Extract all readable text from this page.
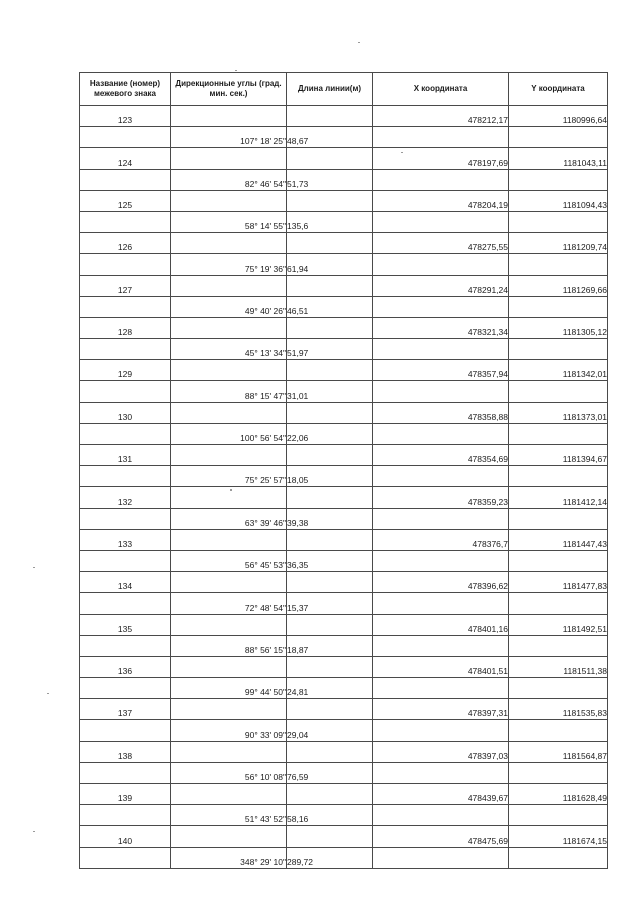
Название (номер) межевого знака	Дирекционные углы (град. мин. сек.)	Длина линии(м)	X координата	Y координата
123			478212,17	1180996,64
	107° 18' 25"	48,67		
124			478197,69	1181043,11
	82° 46' 54"	51,73		
125			478204,19	1181094,43
	58° 14' 55"	135,6		
126			478275,55	1181209,74
	75° 19' 36"	61,94		
127			478291,24	1181269,66
	49° 40' 26"	46,51		
128			478321,34	1181305,12
	45° 13' 34"	51,97		
129			478357,94	1181342,01
	88° 15' 47"	31,01		
130			478358,88	1181373,01
	100° 56' 54"	22,06		
131			478354,69	1181394,67
	75° 25' 57"	18,05		
132			478359,23	1181412,14
	63° 39' 46"	39,38		
133			478376,7	1181447,43
	56° 45' 53"	36,35		
134			478396,62	1181477,83
	72° 48' 54"	15,37		
135			478401,16	1181492,51
	88° 56' 15"	18,87		
136			478401,51	1181511,38
	99° 44' 50"	24,81		
137			478397,31	1181535,83
	90° 33' 09"	29,04		
138			478397,03	1181564,87
	56° 10' 08"	76,59		
139			478439,67	1181628,49
	51° 43' 52"	58,16		
140			478475,69	1181674,15
	348° 29' 10"	289,72		
